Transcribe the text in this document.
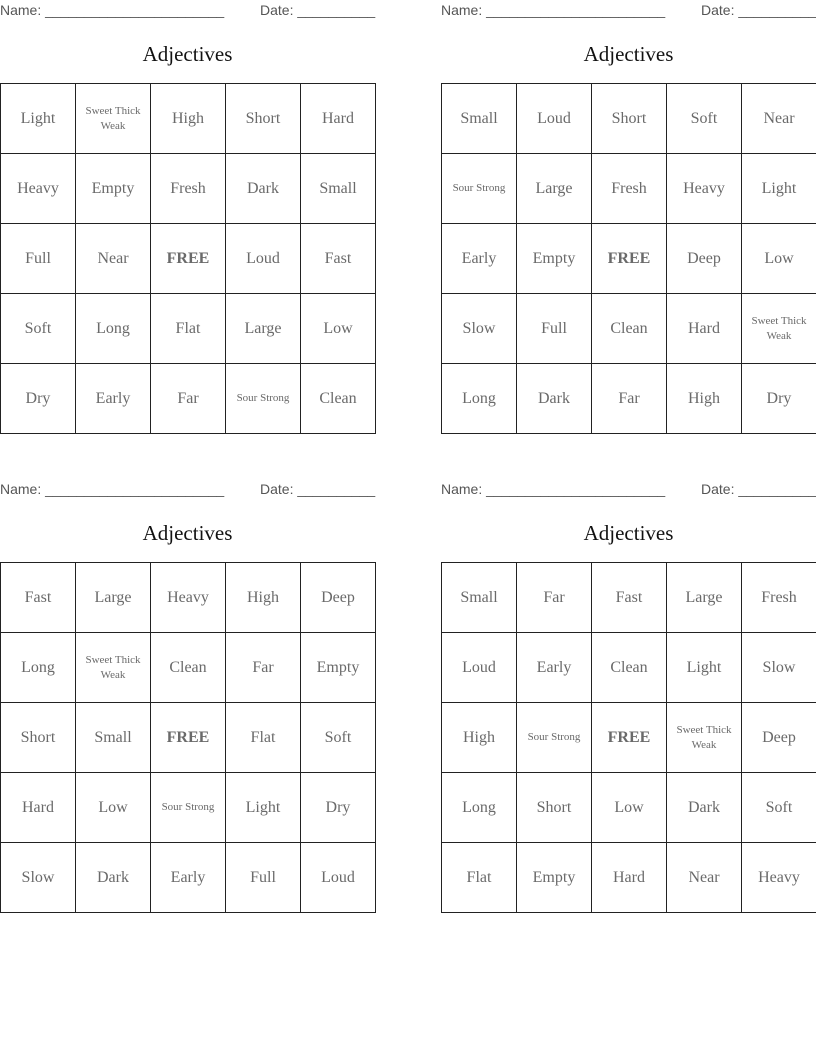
Name: _______________________	Date: __________
Adjectives
Light	Sweet Thick Weak	High	Short	Hard
Heavy	Empty	Fresh	Dark	Small
Full	Near	FREE	Loud	Fast
Soft	Long	Flat	Large	Low
Dry	Early	Far	Sour Strong	Clean
Name: _______________________	Date: __________
Adjectives
Small	Loud	Short	Soft	Near
Sour Strong	Large	Fresh	Heavy	Light
Early	Empty	FREE	Deep	Low
Slow	Full	Clean	Hard	Sweet Thick Weak
Long	Dark	Far	High	Dry
Name: _______________________	Date: __________
Adjectives
Fast	Large	Heavy	High	Deep
Long	Sweet Thick Weak	Clean	Far	Empty
Short	Small	FREE	Flat	Soft
Hard	Low	Sour Strong	Light	Dry
Slow	Dark	Early	Full	Loud
Name: _______________________	Date: __________
Adjectives
Small	Far	Fast	Large	Fresh
Loud	Early	Clean	Light	Slow
High	Sour Strong	FREE	Sweet Thick Weak	Deep
Long	Short	Low	Dark	Soft
Flat	Empty	Hard	Near	Heavy
